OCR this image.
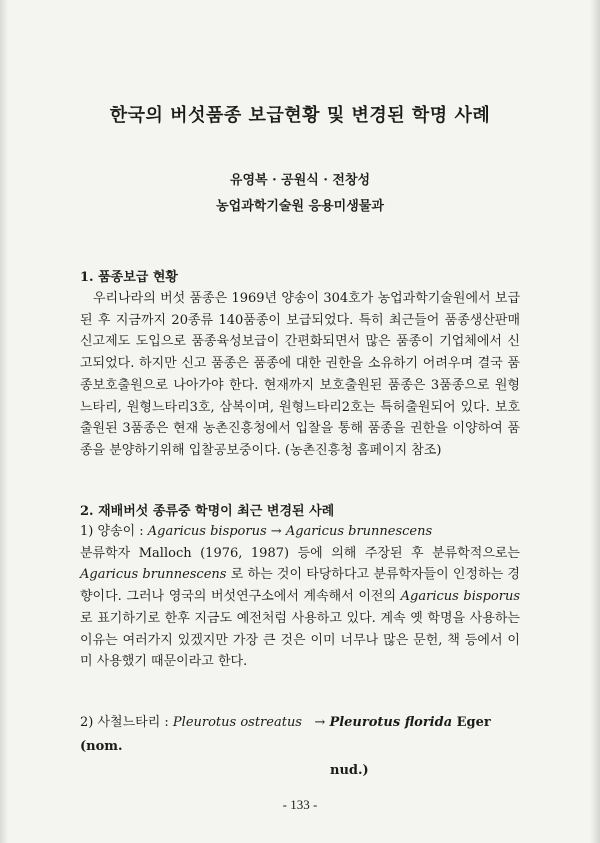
한국의 버섯품종 보급현황 및 변경된 학명 사례
유영복 · 공원식 · 전창성
농업과학기술원 응용미생물과
1. 품종보급 현황

우리나라의 버섯 품종은 1969년 양송이 304호가 농업과학기술원에서 보급된 후 지금까지 20종류 140품종이 보급되었다. 특히 최근들어 품종생산판매신고제도 도입으로 품종육성보급이 간편화되면서 많은 품종이 기업체에서 신고되었다. 하지만 신고 품종은 품종에 대한 권한을 소유하기 어려우며 결국 품종보호출원으로 나아가야 한다. 현재까지 보호출원된 품종은 3품종으로 원형느타리, 원형느타리3호, 삼복이며, 원형느타리2호는 특허출원되어 있다. 보호출원된 3품종은 현재 농촌진흥청에서 입찰을 통해 품종을 권한을 이양하여 품종을 분양하기위해 입찰공보중이다. (농촌진흥청 홈페이지 참조)

2. 재배버섯 종류중 학명이 최근 변경된 사례

1) 양송이 : Agaricus bisporus → Agaricus brunnescens

분류학자 Malloch (1976, 1987) 등에 의해 주장된 후 분류학적으로는 Agaricus brunnescens 로 하는 것이 타당하다고 분류학자들이 인정하는 경향이다. 그러나 영국의 버섯연구소에서 계속해서 이전의 Agaricus bisporus 로 표기하기로 한후 지금도 예전처럼 사용하고 있다. 계속 옛 학명을 사용하는 이유는 여러가지 있겠지만 가장 큰 것은 이미 너무나 많은 문헌, 책 등에서 이미 사용했기 때문이라고 한다.

2) 사철느타리 : Pleurotus ostreatus → Pleurotus florida Eger (nom.
nud.)
- 133 -
